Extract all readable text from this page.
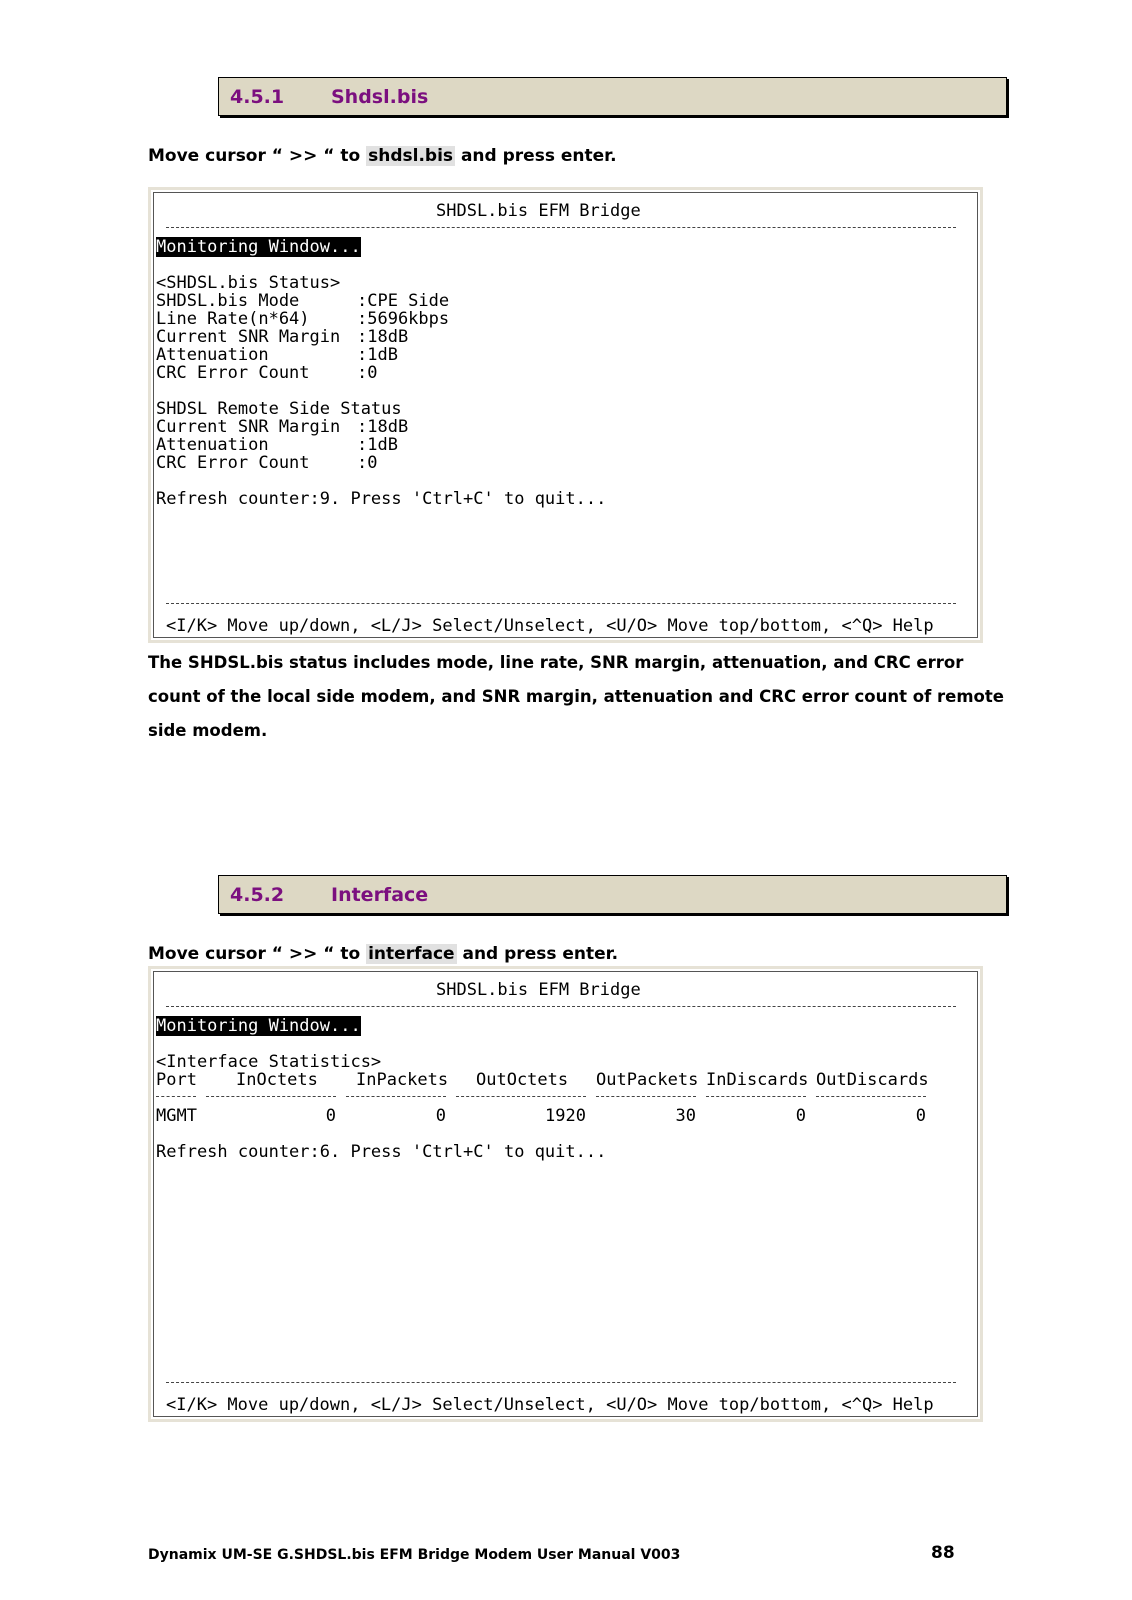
4.5.1 Shdsl.bis
Move cursor “ >> “ to shdsl.bis and press enter.
SHDSL.bis EFM Bridge
Monitoring Window...
<SHDSL.bis Status>
SHDSL.bis Mode	:CPE Side
Line Rate(n*64)	:5696kbps
Current SNR Margin :18dB
Attenuation	:1dB
CRC Error Count	:0
SHDSL Remote Side Status
Current SNR Margin :18dB
Attenuation	:1dB
CRC Error Count	:0
Refresh counter:9. Press 'Ctrl+C' to quit...
<I/K> Move up/down, <L/J> Select/Unselect, <U/O> Move top/bottom, <^Q> Help
The SHDSL.bis status includes mode, line rate, SNR margin, attenuation, and CRC error count of the local side modem, and SNR margin, attenuation and CRC error count of remote side modem.
4.5.2 Interface
Move cursor “ >> “ to interface and press enter.
SHDSL.bis EFM Bridge
Monitoring Window...
<Interface Statistics>
Port InOctets InPackets OutOctets OutPackets InDiscards OutDiscards
MGMT	0	0	1920	30	0	0
Refresh counter:6. Press 'Ctrl+C' to quit...
<I/K> Move up/down, <L/J> Select/Unselect, <U/O> Move top/bottom, <^Q> Help
Dynamix UM-SE G.SHDSL.bis EFM Bridge Modem User Manual V003	88
